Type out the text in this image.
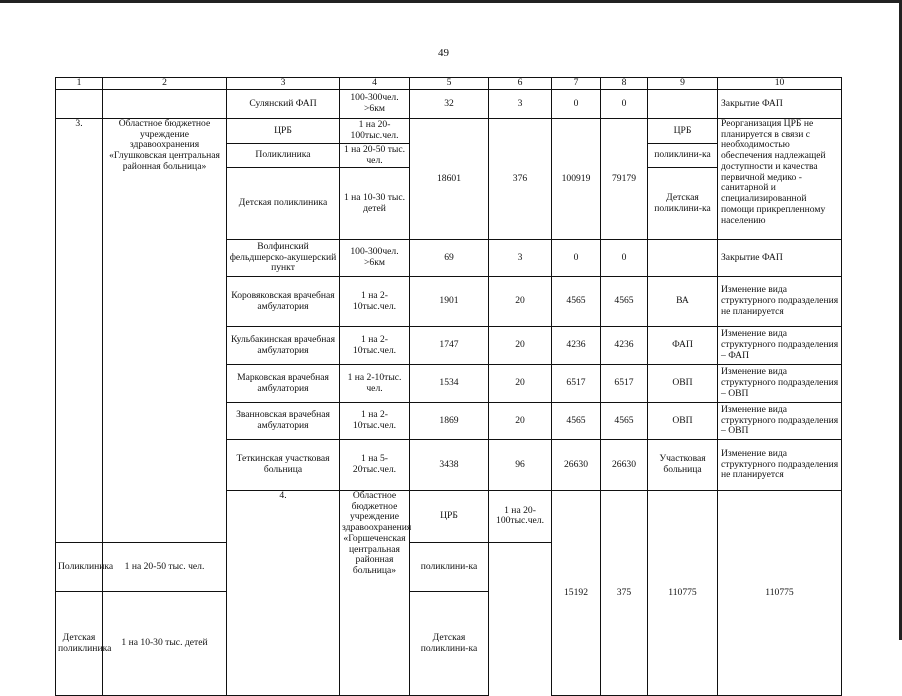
49
1	2	3	4	5	6	7	8	9	10	
		Сулянский ФАП	100-300чел. >6км	32	3	0	0		Закрытие ФАП	
3.	Областное бюджетное учреждение здравоохранения «Глушковская центральная районная больница»	ЦРБ	1 на 20-100тыс.чел.	18601	376	100919	79179	ЦРБ	Реорганизация ЦРБ не планируется в связи с необходимостью обеспечения надлежащей доступности и качества первичной медико - санитарной и специализированной помощи прикрепленному населению	
		Поликлиника	1 на 20-50 тыс. чел.					поликлини-ка		
		Детская поликлиника	1 на 10-30 тыс. детей					Детская поликлини-ка		
		Волфинский фельдшерско-акушерский пункт	100-300чел. >6км	69	3	0	0		Закрытие ФАП	
		Коровяковская врачебная амбулатория	1 на 2-10тыс.чел.	1901	20	4565	4565	ВА	Изменение вида структурного подразделения не планируется	
		Кульбакинская врачебная амбулатория	1 на 2-10тыс.чел.	1747	20	4236	4236	ФАП	Изменение вида структурного подразделения – ФАП	
		Марковская врачебная амбулатория	1 на 2-10тыс. чел.	1534	20	6517	6517	ОВП	Изменение вида структурного подразделения – ОВП	
		Званновская врачебная амбулатория	1 на 2-10тыс.чел.	1869	20	4565	4565	ОВП	Изменение вида структурного подразделения – ОВП	
		Теткинская участковая больница	1 на 5-20тыс.чел.	3438	96	26630	26630	Участковая больница	Изменение вида структурного подразделения не планируется	
		4.	Областное бюджетное учреждение здравоохранения «Горшеченская центральная районная больница»	ЦРБ	1 на 20-100тыс.чел.	15192	375	110775	110775		
Поликлиника	1 на 20-50 тыс. чел.			поликлини-ка						
Детская поликлиника	1 на 10-30 тыс. детей			Детская поликлини-ка						
